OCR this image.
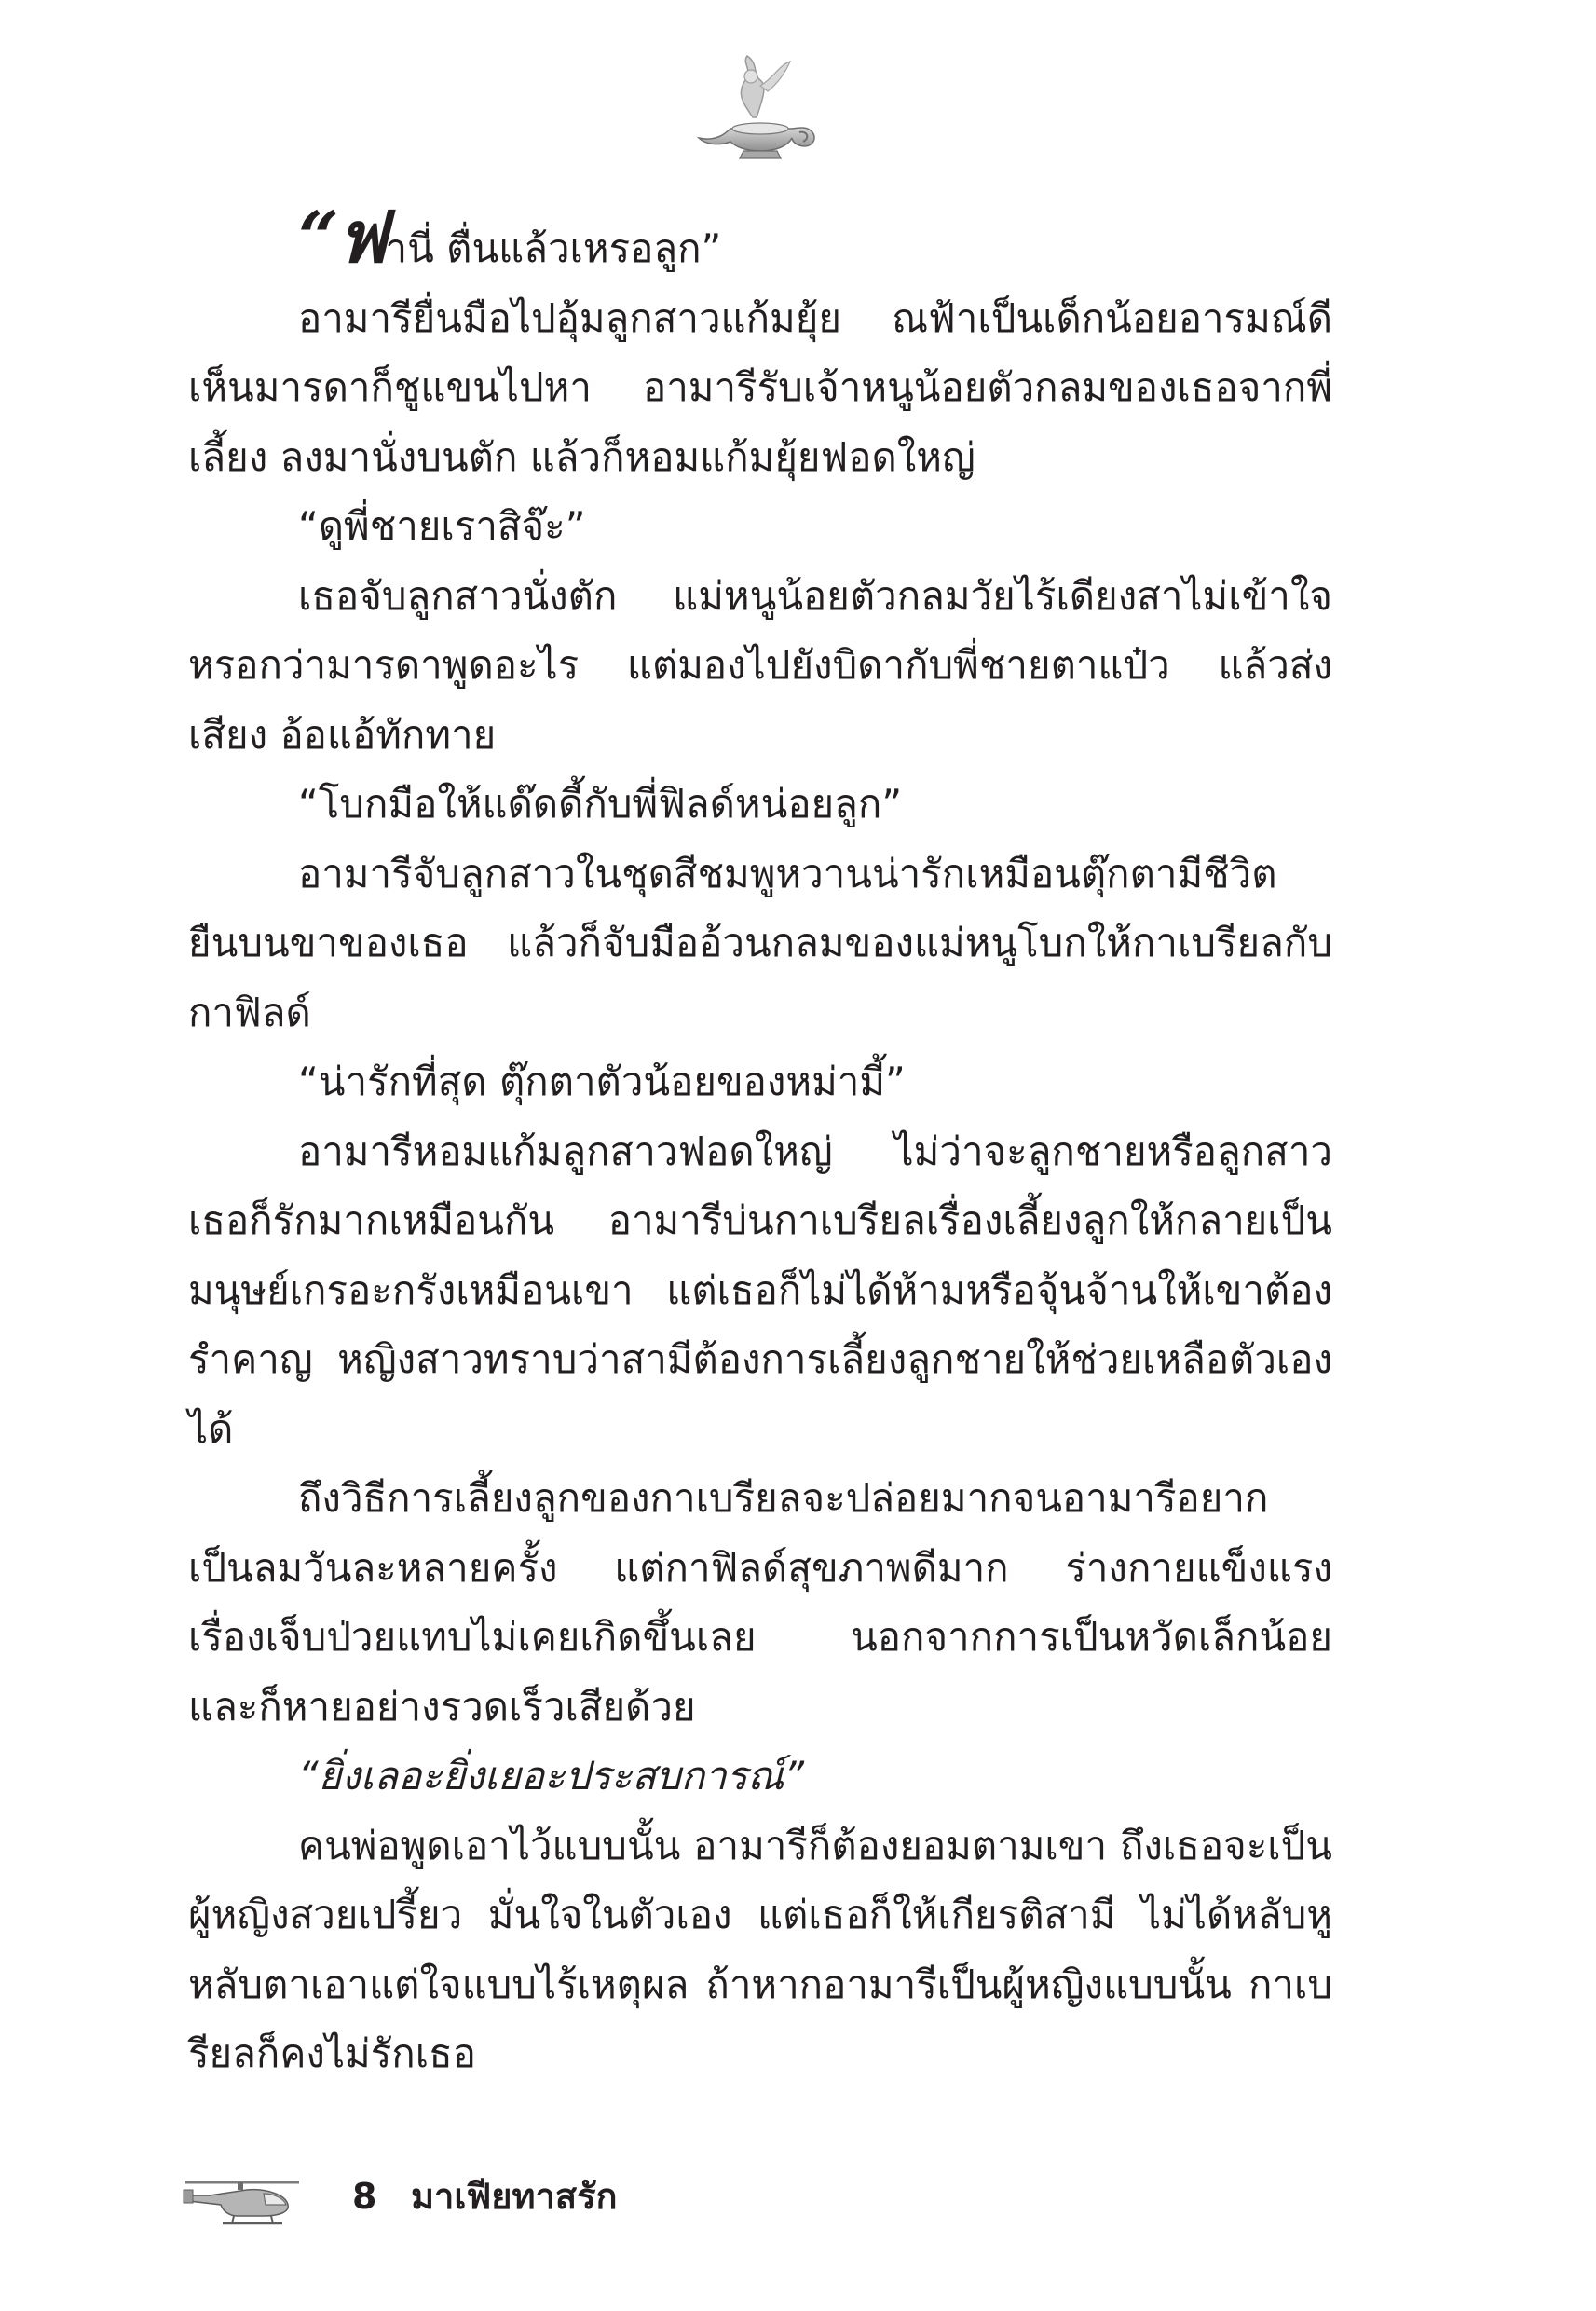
“ฟานี่ ตื่นแล้วเหรอลูก”

อามารียื่นมือไปอุ้มลูกสาวแก้มยุ้ย ณฟ้าเป็นเด็กน้อยอารมณ์ดี เห็นมารดาก็ชูแขนไปหา อามารีรับเจ้าหนูน้อยตัวกลมของเธอจากพี่เลี้ยง ลงมานั่งบนตัก แล้วก็หอมแก้มยุ้ยฟอดใหญ่

“ดูพี่ชายเราสิจ๊ะ”

เธอจับลูกสาวนั่งตัก แม่หนูน้อยตัวกลมวัยไร้เดียงสาไม่เข้าใจ หรอกว่ามารดาพูดอะไร แต่มองไปยังบิดากับพี่ชายตาแป๋ว แล้วส่งเสียง อ้อแอ้ทักทาย

“โบกมือให้แด๊ดดี้กับพี่ฟิลด์หน่อยลูก”

อามารีจับลูกสาวในชุดสีชมพูหวานน่ารักเหมือนตุ๊กตามีชีวิต ยืนบนขาของเธอ แล้วก็จับมืออ้วนกลมของแม่หนูโบกให้กาเบรียลกับ กาฟิลด์

“น่ารักที่สุด ตุ๊กตาตัวน้อยของหม่ามี้”

อามารีหอมแก้มลูกสาวฟอดใหญ่ ไม่ว่าจะลูกชายหรือลูกสาว เธอก็รักมากเหมือนกัน อามารีบ่นกาเบรียลเรื่องเลี้ยงลูกให้กลายเป็น มนุษย์เกรอะกรังเหมือนเขา แต่เธอก็ไม่ได้ห้ามหรือจุ้นจ้านให้เขาต้อง รำคาญ หญิงสาวทราบว่าสามีต้องการเลี้ยงลูกชายให้ช่วยเหลือตัวเองได้

ถึงวิธีการเลี้ยงลูกของกาเบรียลจะปล่อยมากจนอามารีอยาก เป็นลมวันละหลายครั้ง แต่กาฟิลด์สุขภาพดีมาก ร่างกายแข็งแรง เรื่องเจ็บป่วยแทบไม่เคยเกิดขึ้นเลย นอกจากการเป็นหวัดเล็กน้อย และก็หายอย่างรวดเร็วเสียด้วย

“ยิ่งเลอะยิ่งเยอะประสบการณ์”

คนพ่อพูดเอาไว้แบบนั้น อามารีก็ต้องยอมตามเขา ถึงเธอจะเป็น ผู้หญิงสวยเปรี้ยว มั่นใจในตัวเอง แต่เธอก็ให้เกียรติสามี ไม่ได้หลับหู หลับตาเอาแต่ใจแบบไร้เหตุผล ถ้าหากอามารีเป็นผู้หญิงแบบนั้น กาเบรียลก็คงไม่รักเธอ

8 มาเฟียทาสรัก
